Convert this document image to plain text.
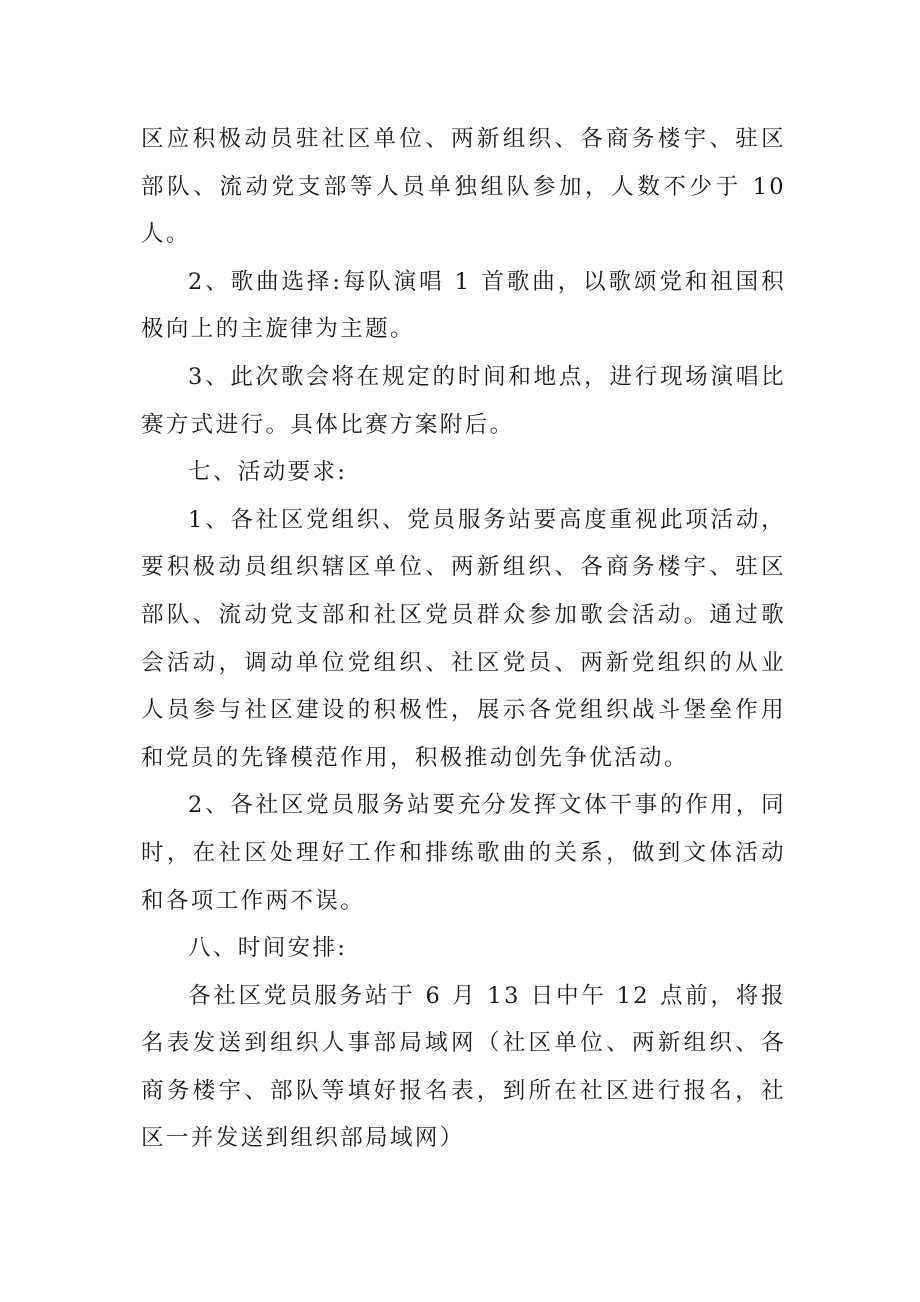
区应积极动员驻社区单位、两新组织、各商务楼宇、驻区部队、流动党支部等人员单独组队参加，人数不少于 10 人。

2、歌曲选择:每队演唱 1 首歌曲，以歌颂党和祖国积极向上的主旋律为主题。

3、此次歌会将在规定的时间和地点，进行现场演唱比赛方式进行。具体比赛方案附后。

七、活动要求:

1、各社区党组织、党员服务站要高度重视此项活动，要积极动员组织辖区单位、两新组织、各商务楼宇、驻区部队、流动党支部和社区党员群众参加歌会活动。通过歌会活动，调动单位党组织、社区党员、两新党组织的从业人员参与社区建设的积极性，展示各党组织战斗堡垒作用和党员的先锋模范作用，积极推动创先争优活动。

2、各社区党员服务站要充分发挥文体干事的作用，同时，在社区处理好工作和排练歌曲的关系，做到文体活动和各项工作两不误。

八、时间安排:

各社区党员服务站于 6 月 13 日中午 12 点前，将报名表发送到组织人事部局域网（社区单位、两新组织、各商务楼宇、部队等填好报名表，到所在社区进行报名，社区一并发送到组织部局域网）
